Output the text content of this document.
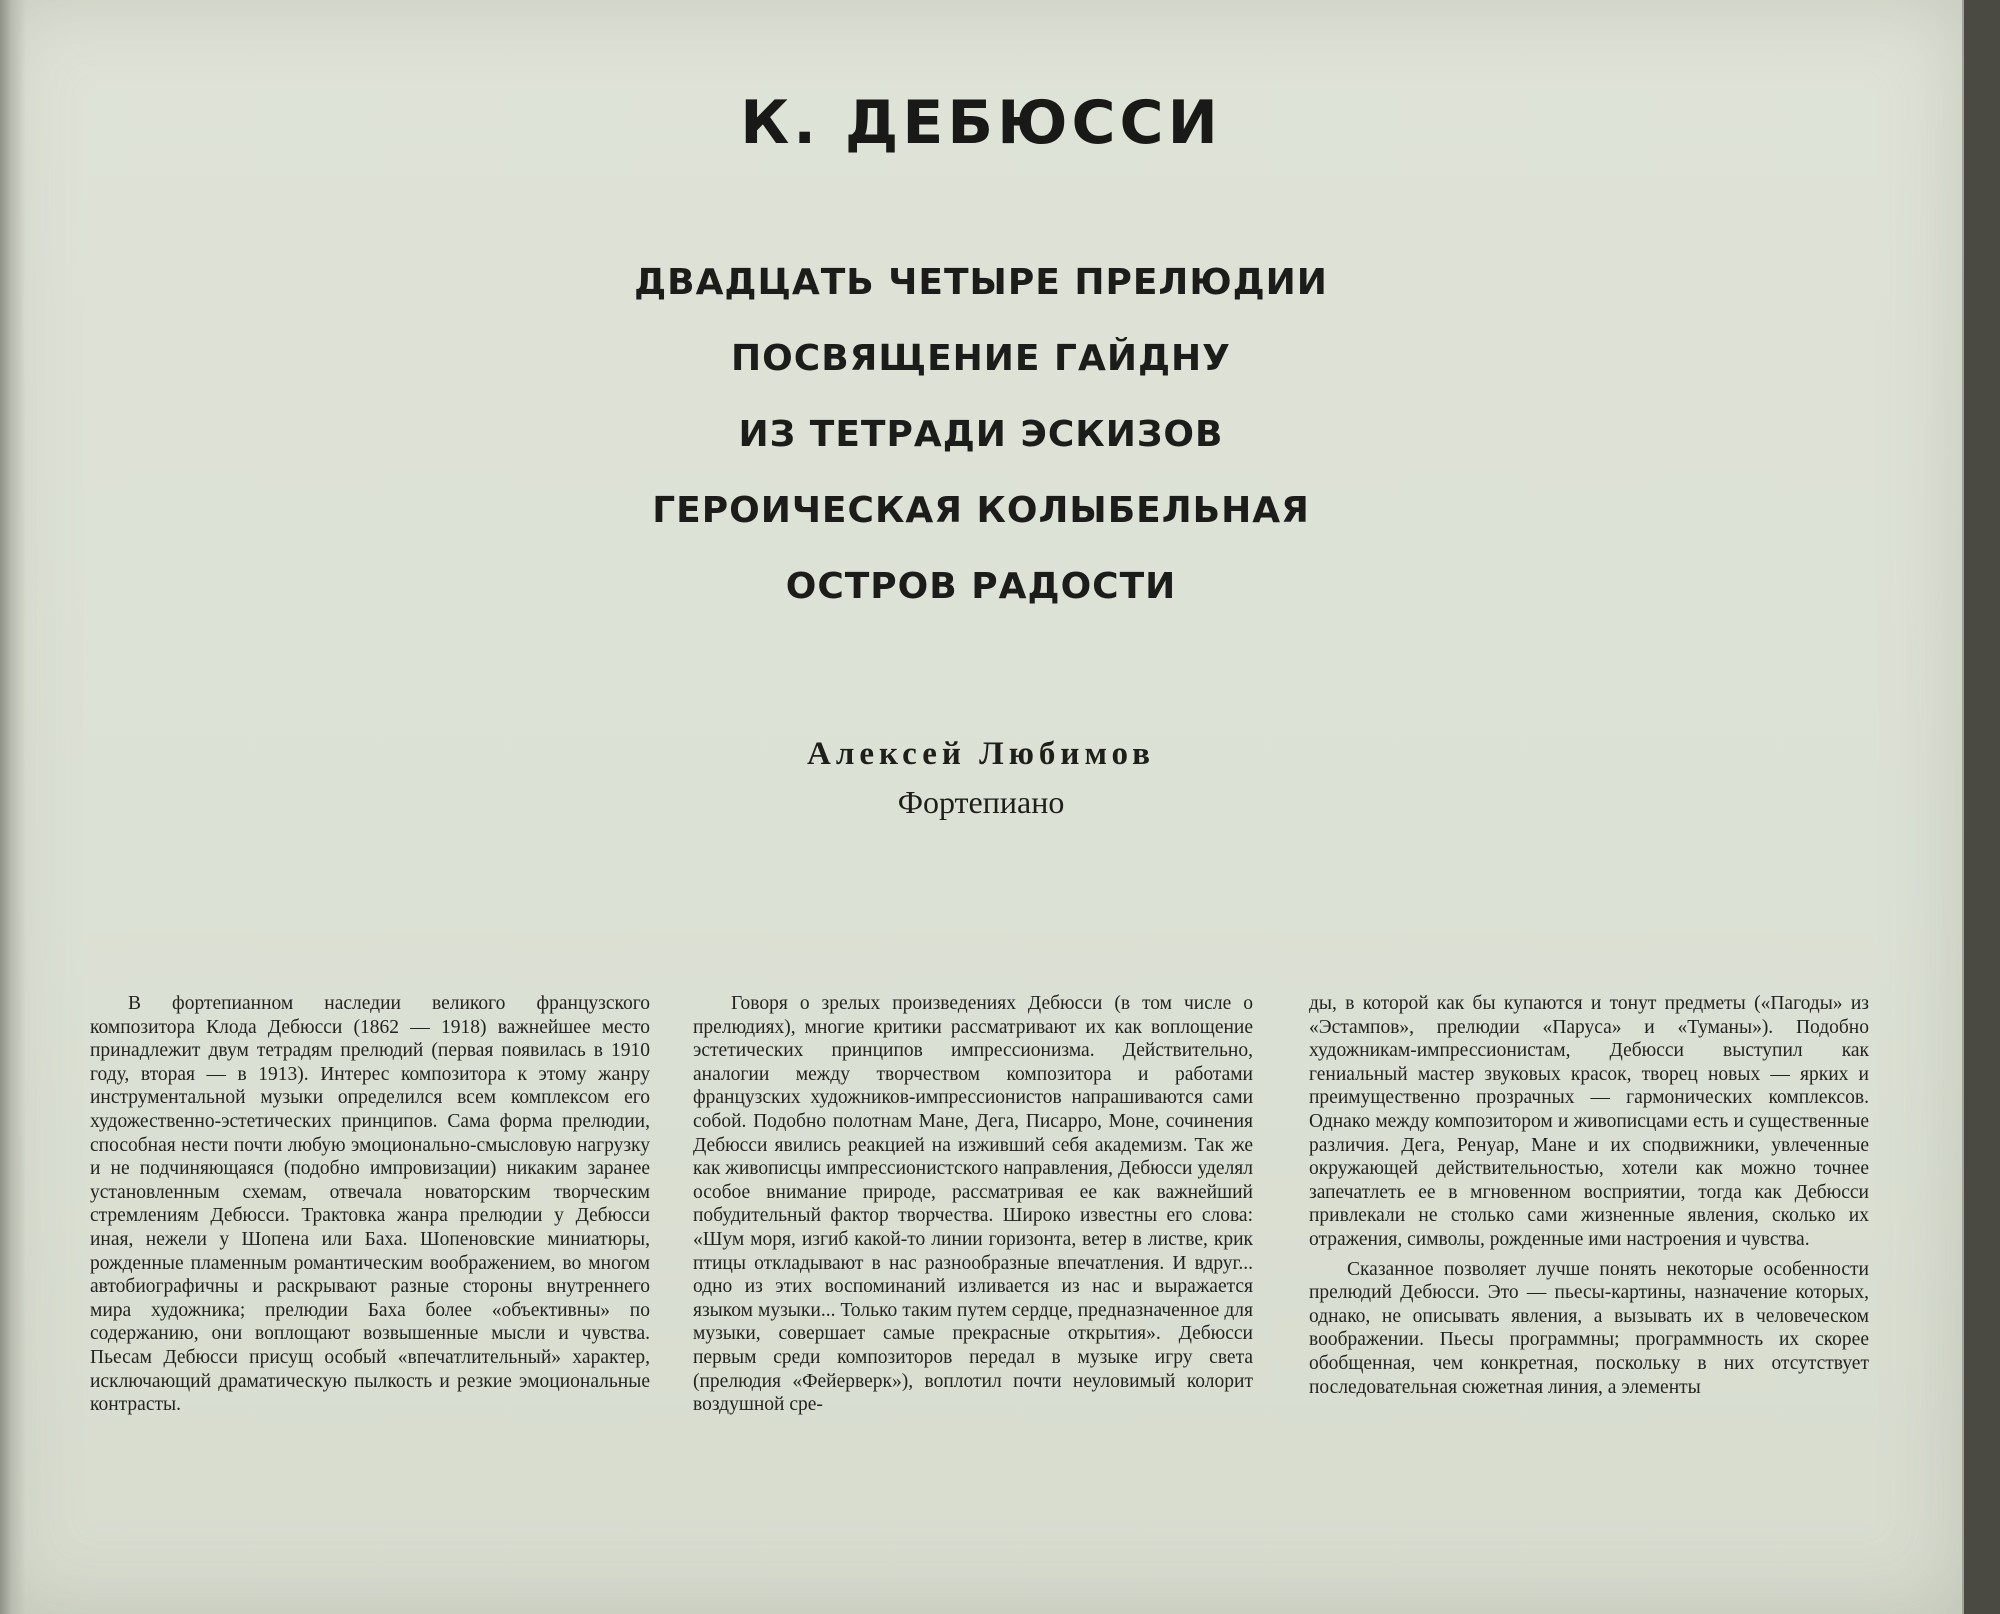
К. ДЕБЮССИ
ДВАДЦАТЬ ЧЕТЫРЕ ПРЕЛЮДИИ
ПОСВЯЩЕНИЕ ГАЙДНУ
ИЗ ТЕТРАДИ ЭСКИЗОВ
ГЕРОИЧЕСКАЯ КОЛЫБЕЛЬНАЯ
ОСТРОВ РАДОСТИ

Алексей Любимов

Фортепиано

В фортепианном наследии великого французского композитора Клода Дебюсси (1862 — 1918) важнейшее место принадлежит двум тетрадям прелюдий (первая появилась в 1910 году, вторая — в 1913). Интерес композитора к этому жанру инструментальной музыки определился всем комплексом его художественно-эстетических принципов. Сама форма прелюдии, способная нести почти любую эмоционально-смысловую нагрузку и не подчиняющаяся (подобно импровизации) никаким заранее установленным схемам, отвечала новаторским творческим стремлениям Дебюсси. Трактовка жанра прелюдии у Дебюсси иная, нежели у Шопена или Баха. Шопеновские миниатюры, рожденные пламенным романтическим воображением, во многом автобиографичны и раскрывают разные стороны внутреннего мира художника; прелюдии Баха более «объективны» по содержанию, они воплощают возвышенные мысли и чувства. Пьесам Дебюсси присущ особый «впечатлительный» характер, исключающий драматическую пылкость и резкие эмоциональные контрасты.

Говоря о зрелых произведениях Дебюсси (в том числе о прелюдиях), многие критики рассматривают их как воплощение эстетических принципов импрессионизма. Действительно, аналогии между творчеством композитора и работами французских художников-импрессионистов напрашиваются сами собой. Подобно полотнам Мане, Дега, Писарро, Моне, сочинения Дебюсси явились реакцией на изживший себя академизм. Так же как живописцы импрессионистского направления, Дебюсси уделял особое внимание природе, рассматривая ее как важнейший побудительный фактор творчества. Широко известны его слова: «Шум моря, изгиб какой-то линии горизонта, ветер в листве, крик птицы откладывают в нас разнообразные впечатления. И вдруг... одно из этих воспоминаний изливается из нас и выражается языком музыки... Только таким путем сердце, предназначенное для музыки, совершает самые прекрасные открытия». Дебюсси первым среди композиторов передал в музыке игру света (прелюдия «Фейерверк»), воплотил почти неуловимый колорит воздушной сре-

ды, в которой как бы купаются и тонут предметы («Пагоды» из «Эстампов», прелюдии «Паруса» и «Туманы»). Подобно художникам-импрессионистам, Дебюсси выступил как гениальный мастер звуковых красок, творец новых — ярких и преимущественно прозрачных — гармонических комплексов. Однако между композитором и живописцами есть и существенные различия. Дега, Ренуар, Мане и их сподвижники, увлеченные окружающей действительностью, хотели как можно точнее запечатлеть ее в мгновенном восприятии, тогда как Дебюсси привлекали не столько сами жизненные явления, сколько их отражения, символы, рожденные ими настроения и чувства.

Сказанное позволяет лучше понять некоторые особенности прелюдий Дебюсси. Это — пьесы-картины, назначение которых, однако, не описывать явления, а вызывать их в человеческом воображении. Пьесы программны; программность их скорее обобщенная, чем конкретная, поскольку в них отсутствует последовательная сюжетная линия, а элементы
